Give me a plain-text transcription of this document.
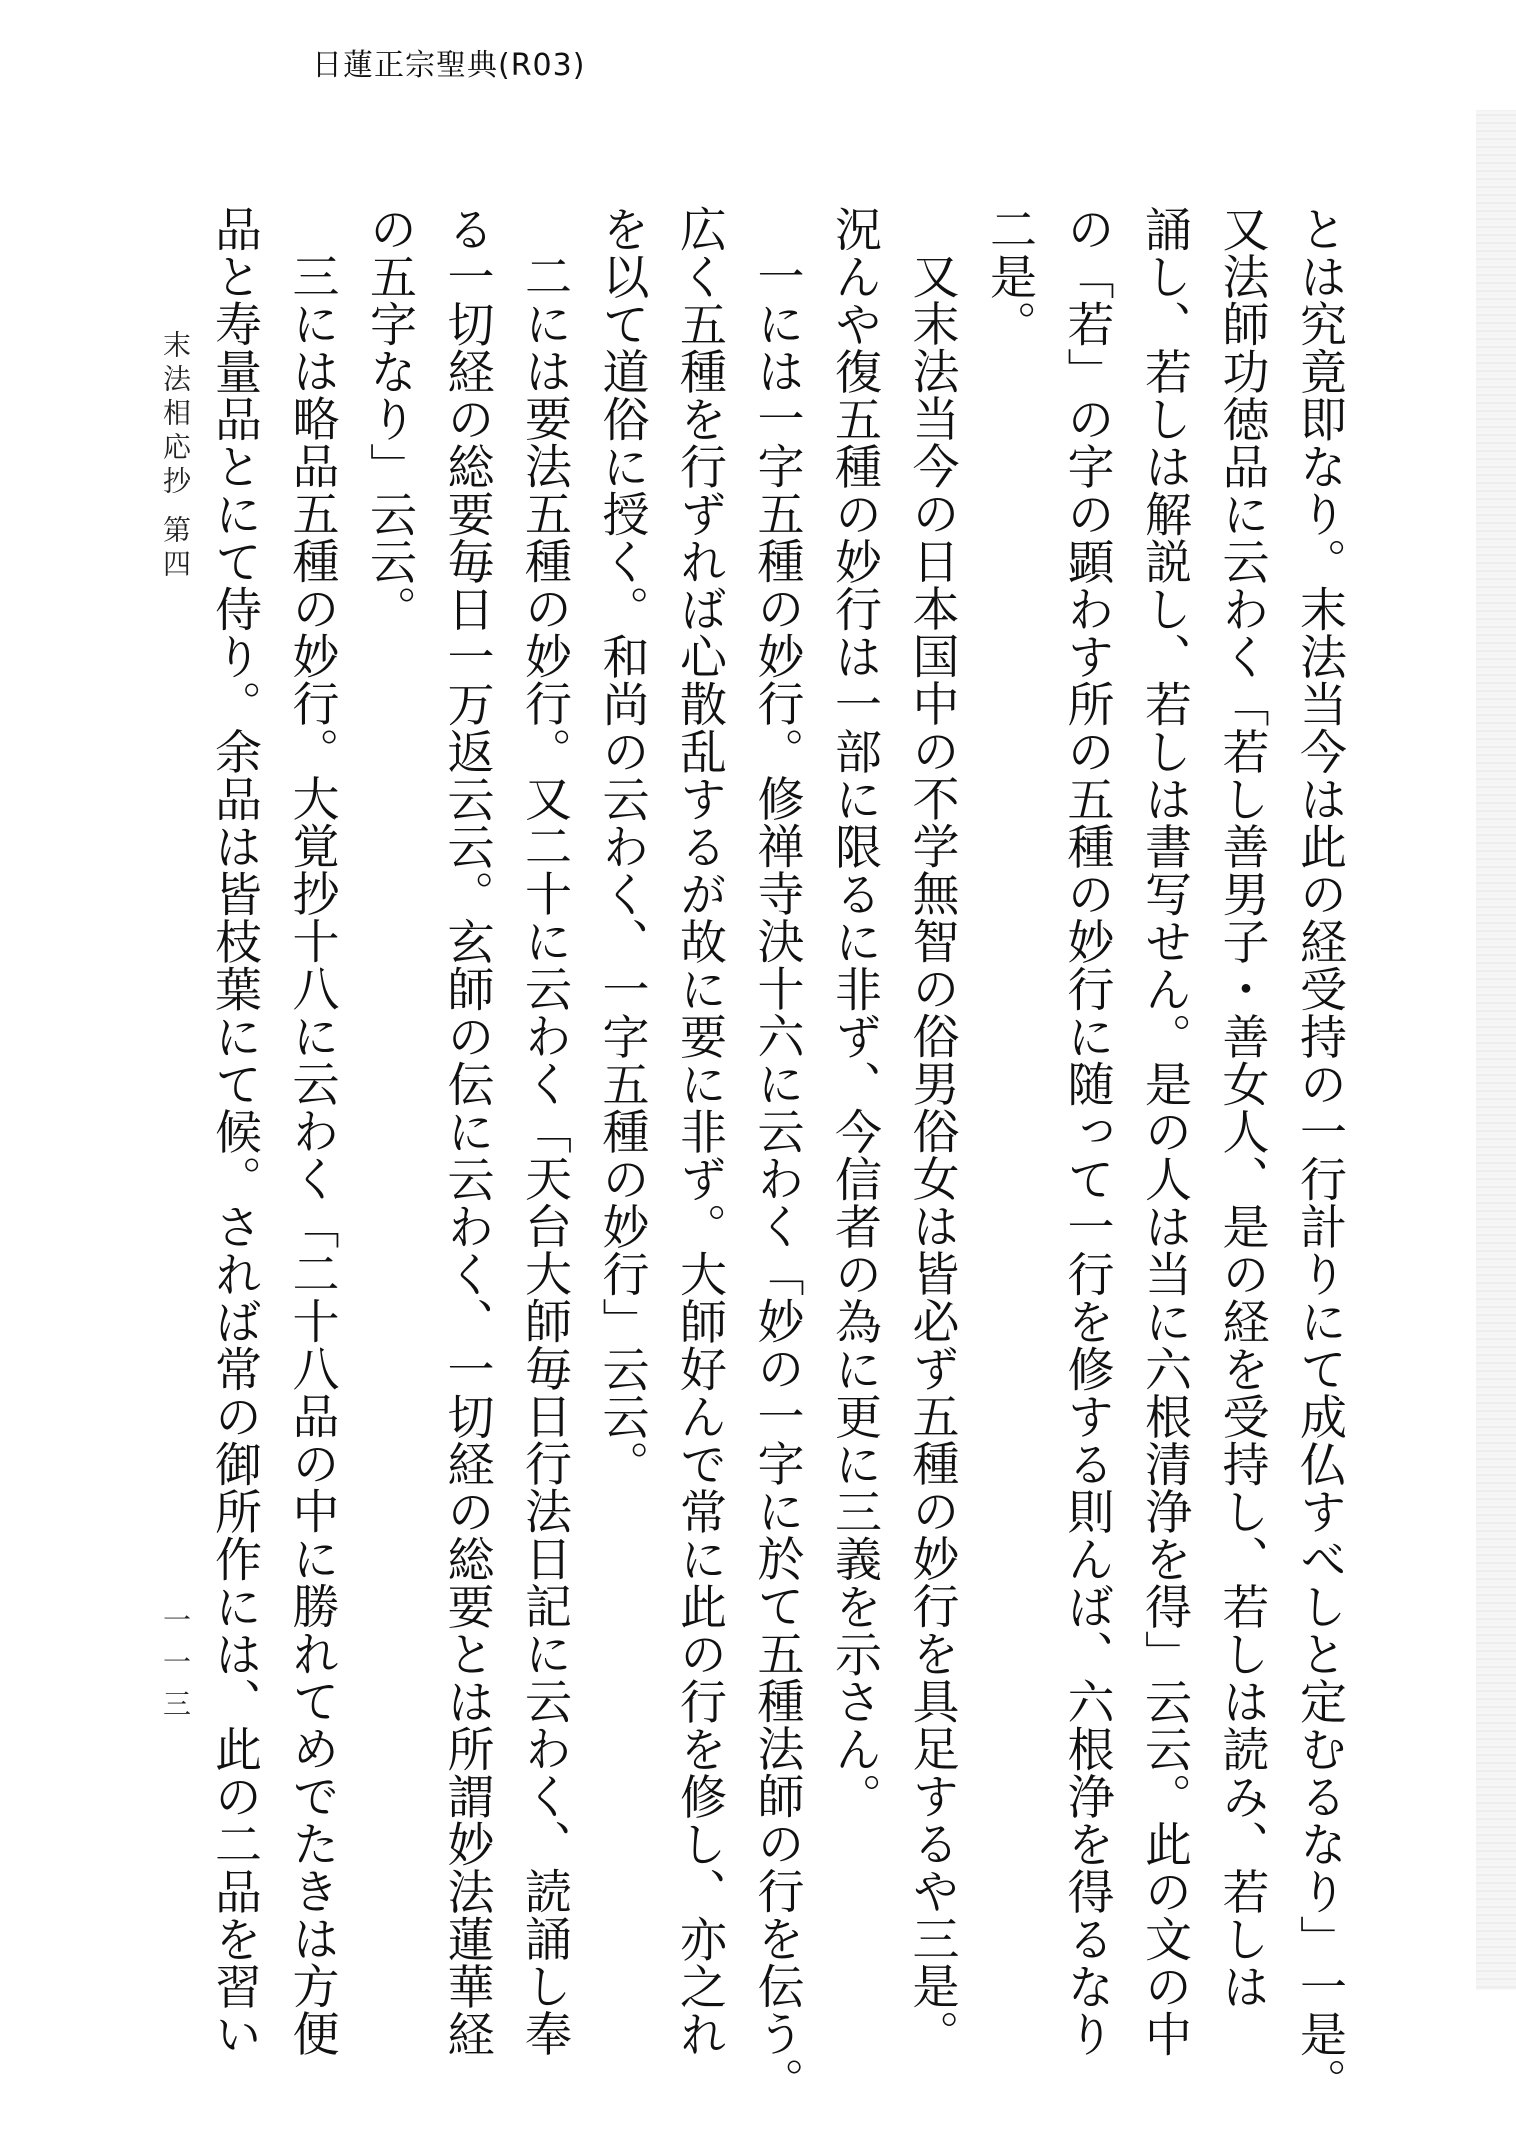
日蓮正宗聖典(R03)
とは究竟即なり。末法当今は此の経受持の一行計りにて成仏すべしと定むるなり」一是。
又法師功徳品に云わく「若し善男子・善女人、是の経を受持し、若しは読み、若しは
誦し、若しは解説し、若しは書写せん。是の人は当に六根清浄を得」云云。此の文の中
の「若」の字の顕わす所の五種の妙行に随って一行を修する則んば、六根浄を得るなり
二是。
又末法当今の日本国中の不学無智の俗男俗女は皆必ず五種の妙行を具足するや三是。
況んや復五種の妙行は一部に限るに非ず、今信者の為に更に三義を示さん。
一には一字五種の妙行。修禅寺決十六に云わく「妙の一字に於て五種法師の行を伝う。
広く五種を行ずれば心散乱するが故に要に非ず。大師好んで常に此の行を修し、亦之れ
を以て道俗に授く。和尚の云わく、一字五種の妙行」云云。
二には要法五種の妙行。又二十に云わく「天台大師毎日行法日記に云わく、読誦し奉
る一切経の総要毎日一万返云云。玄師の伝に云わく、一切経の総要とは所謂妙法蓮華経
の五字なり」云云。
三には略品五種の妙行。大覚抄十八に云わく「二十八品の中に勝れてめでたきは方便
品と寿量品とにて侍り。余品は皆枝葉にて候。されば常の御所作には、此の二品を習い
末法相応抄 第四
一一三
